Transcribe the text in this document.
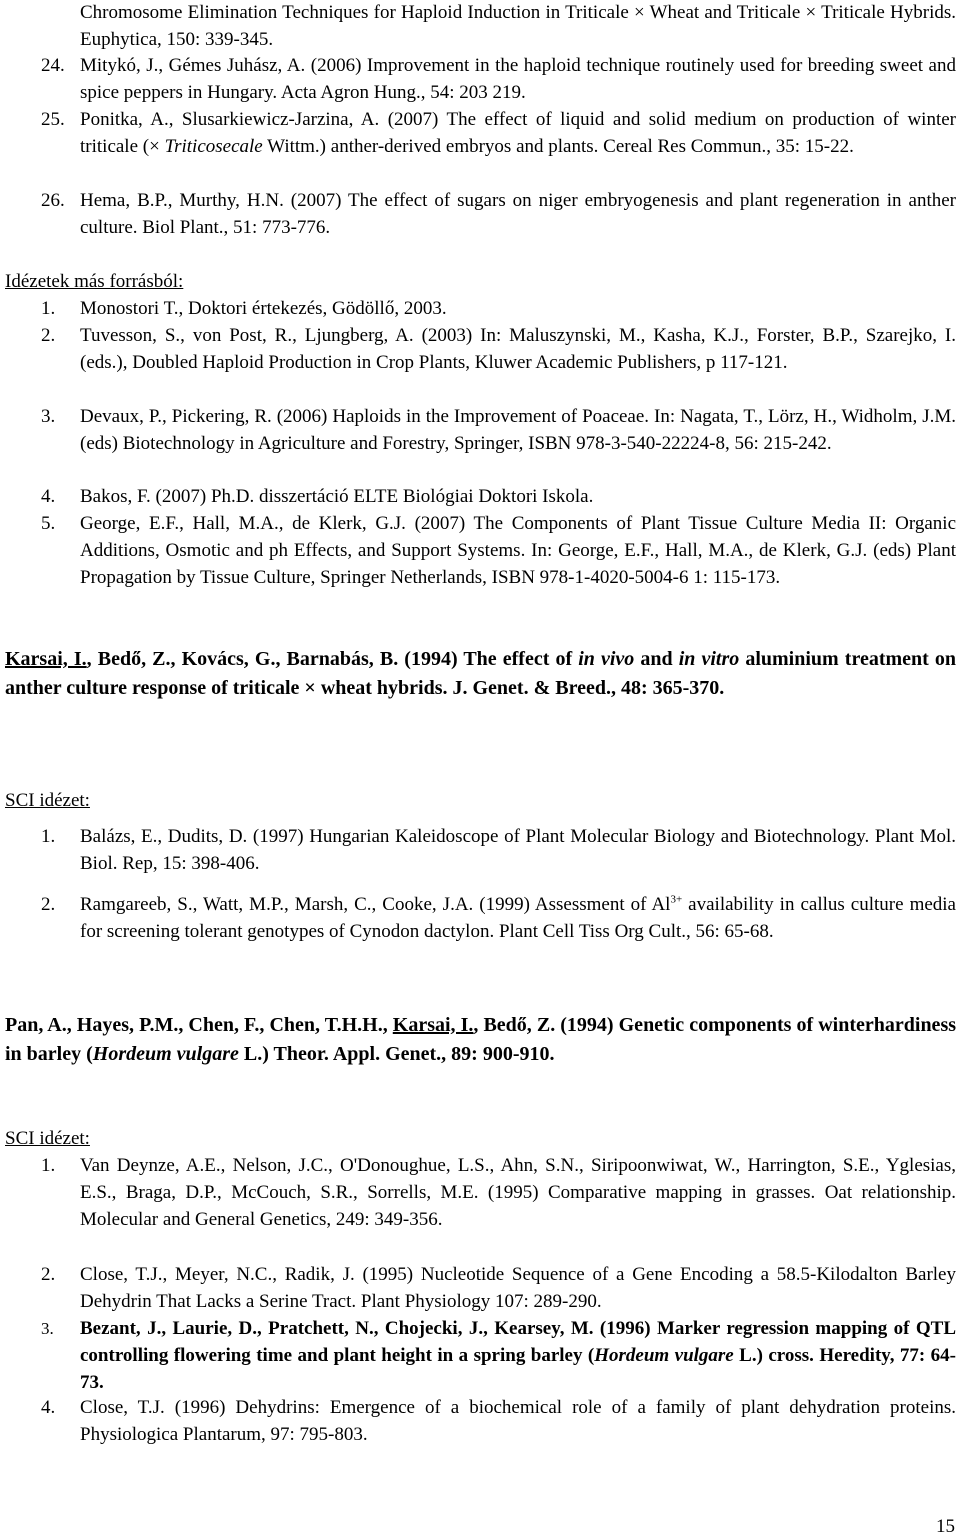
Chromosome Elimination Techniques for Haploid Induction in Triticale × Wheat and Triticale × Triticale Hybrids. Euphytica, 150: 339-345.
24. Mitykó, J., Gémes Juhász, A. (2006) Improvement in the haploid technique routinely used for breeding sweet and spice peppers in Hungary. Acta Agron Hung., 54: 203 219.
25. Ponitka, A., Slusarkiewicz-Jarzina, A. (2007) The effect of liquid and solid medium on production of winter triticale (× Triticosecale Wittm.) anther-derived embryos and plants. Cereal Res Commun., 35: 15-22.
26. Hema, B.P., Murthy, H.N. (2007) The effect of sugars on niger embryogenesis and plant regeneration in anther culture. Biol Plant., 51: 773-776.
Idézetek más forrásból:
1. Monostori T., Doktori értekezés, Gödöllő, 2003.
2. Tuvesson, S., von Post, R., Ljungberg, A. (2003) In: Maluszynski, M., Kasha, K.J., Forster, B.P., Szarejko, I. (eds.), Doubled Haploid Production in Crop Plants, Kluwer Academic Publishers, p 117-121.
3. Devaux, P., Pickering, R. (2006) Haploids in the Improvement of Poaceae. In: Nagata, T., Lörz, H., Widholm, J.M. (eds) Biotechnology in Agriculture and Forestry, Springer, ISBN 978-3-540-22224-8, 56: 215-242.
4. Bakos, F. (2007) Ph.D. disszertáció ELTE Biológiai Doktori Iskola.
5. George, E.F., Hall, M.A., de Klerk, G.J. (2007) The Components of Plant Tissue Culture Media II: Organic Additions, Osmotic and ph Effects, and Support Systems. In: George, E.F., Hall, M.A., de Klerk, G.J. (eds) Plant Propagation by Tissue Culture, Springer Netherlands, ISBN 978-1-4020-5004-6 1: 115-173.
Karsai, I., Bedő, Z., Kovács, G., Barnabás, B. (1994) The effect of in vivo and in vitro aluminium treatment on anther culture response of triticale × wheat hybrids. J. Genet. & Breed., 48: 365-370.
SCI idézet:
1. Balázs, E., Dudits, D. (1997) Hungarian Kaleidoscope of Plant Molecular Biology and Biotechnology. Plant Mol. Biol. Rep, 15: 398-406.
2. Ramgareeb, S., Watt, M.P., Marsh, C., Cooke, J.A. (1999) Assessment of $Al^{3+}$ availability in callus culture media for screening tolerant genotypes of Cynodon dactylon. Plant Cell Tiss Org Cult., 56: 65-68.
Pan, A., Hayes, P.M., Chen, F., Chen, T.H.H., Karsai, I., Bedő, Z. (1994) Genetic components of winterhardiness in barley (Hordeum vulgare L.) Theor. Appl. Genet., 89: 900-910.
SCI idézet:
1. Van Deynze, A.E., Nelson, J.C., O'Donoughue, L.S., Ahn, S.N., Siripoonwiwat, W., Harrington, S.E., Yglesias, E.S., Braga, D.P., McCouch, S.R., Sorrells, M.E. (1995) Comparative mapping in grasses. Oat relationship. Molecular and General Genetics, 249: 349-356.
2. Close, T.J., Meyer, N.C., Radik, J. (1995) Nucleotide Sequence of a Gene Encoding a 58.5-Kilodalton Barley Dehydrin That Lacks a Serine Tract. Plant Physiology 107: 289-290.
3. Bezant, J., Laurie, D., Pratchett, N., Chojecki, J., Kearsey, M. (1996) Marker regression mapping of QTL controlling flowering time and plant height in a spring barley (Hordeum vulgare L.) cross. Heredity, 77: 64-73.
4. Close, T.J. (1996) Dehydrins: Emergence of a biochemical role of a family of plant dehydration proteins. Physiologica Plantarum, 97: 795-803.
15
